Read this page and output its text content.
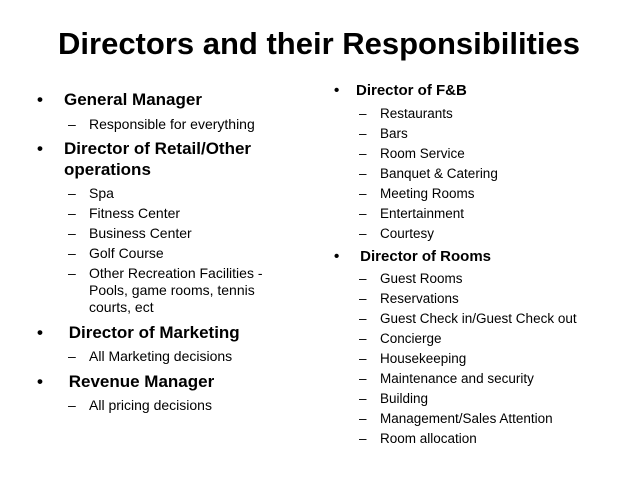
Directors and their Responsibilities
• General Manager
– Responsible for everything
• Director of Retail/Other operations
– Spa
– Fitness Center
– Business Center
– Golf Course
– Other Recreation Facilities - Pools, game rooms, tennis courts, ect
• Director of Marketing
– All Marketing decisions
• Revenue Manager
– All pricing decisions
• Director of F&B
– Restaurants
– Bars
– Room Service
– Banquet & Catering
– Meeting Rooms
– Entertainment
– Courtesy
• Director of Rooms
– Guest Rooms
– Reservations
– Guest Check in/Guest Check out
– Concierge
– Housekeeping
– Maintenance and security
– Building
– Management/Sales Attention
– Room allocation
